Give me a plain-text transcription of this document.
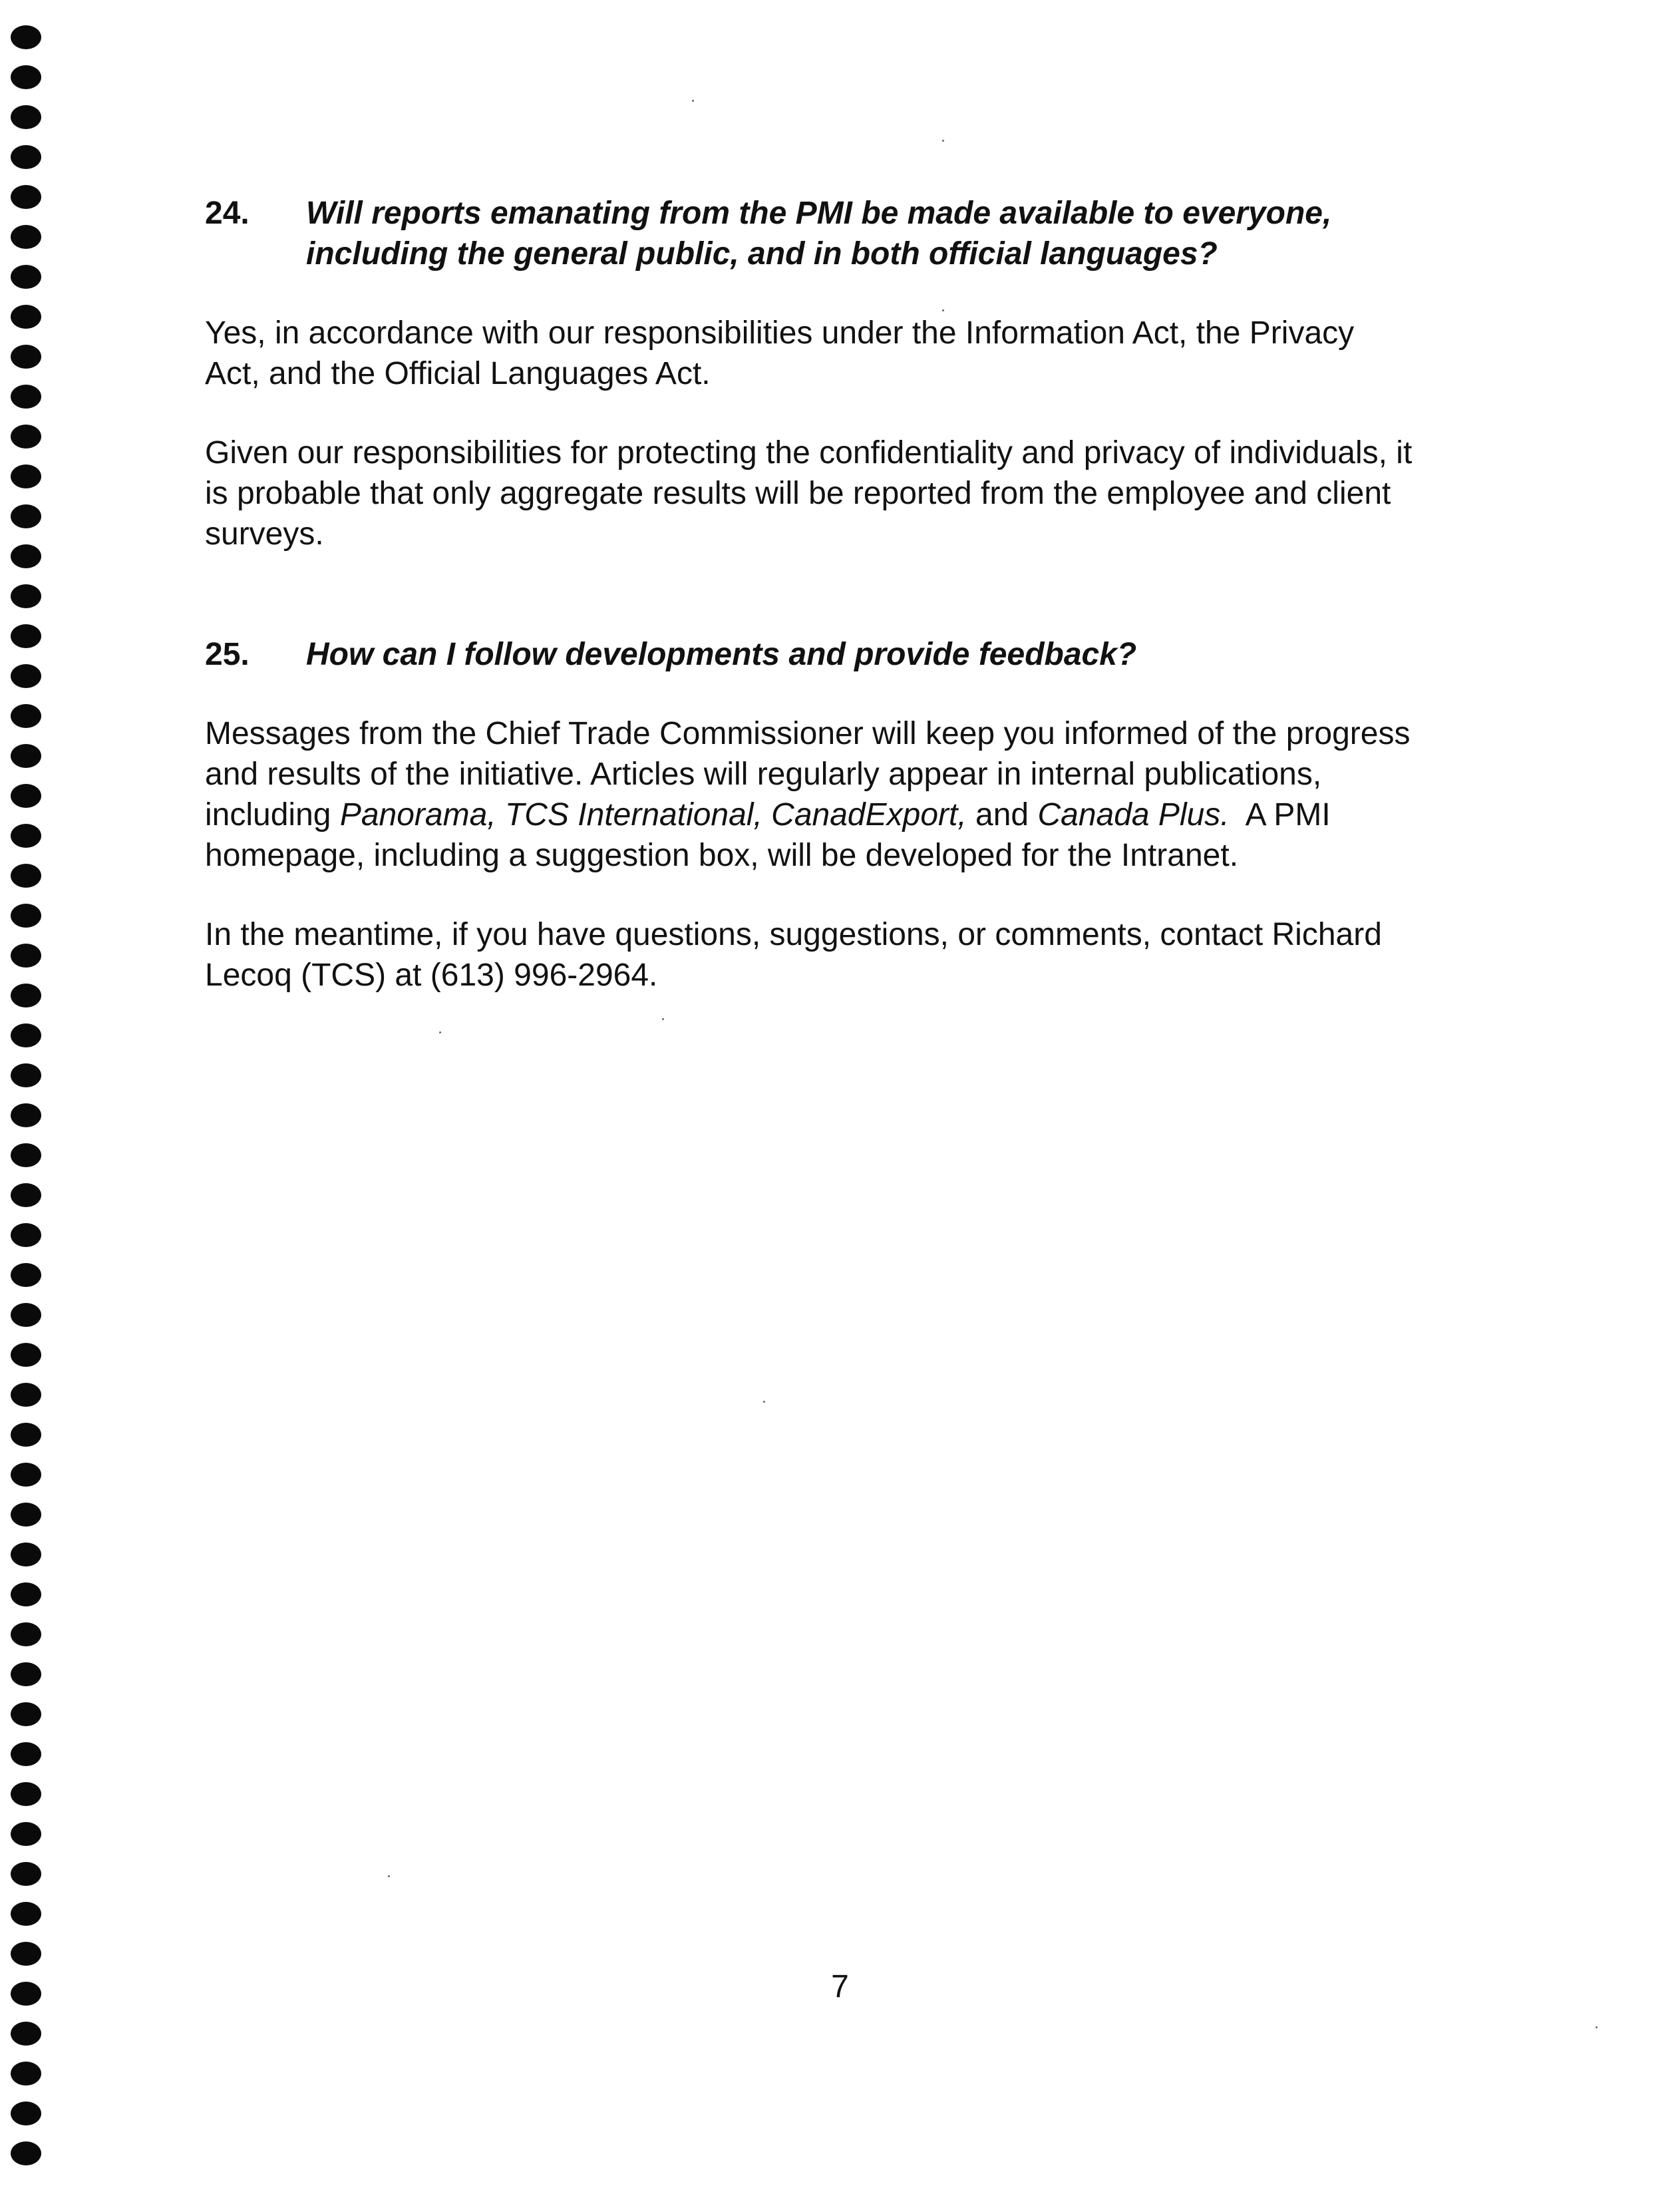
24.	Will reports emanating from the PMI be made available to everyone,
including the general public, and in both official languages?

Yes, in accordance with our responsibilities under the Information Act, the Privacy
Act, and the Official Languages Act.

Given our responsibilities for protecting the confidentiality and privacy of individuals, it
is probable that only aggregate results will be reported from the employee and client
surveys.

25.	How can I follow developments and provide feedback?

Messages from the Chief Trade Commissioner will keep you informed of the progress
and results of the initiative. Articles will regularly appear in internal publications,
including Panorama, TCS International, CanadExport, and Canada Plus. A PMI
homepage, including a suggestion box, will be developed for the Intranet.

In the meantime, if you have questions, suggestions, or comments, contact Richard
Lecoq (TCS) at (613) 996-2964.

7
